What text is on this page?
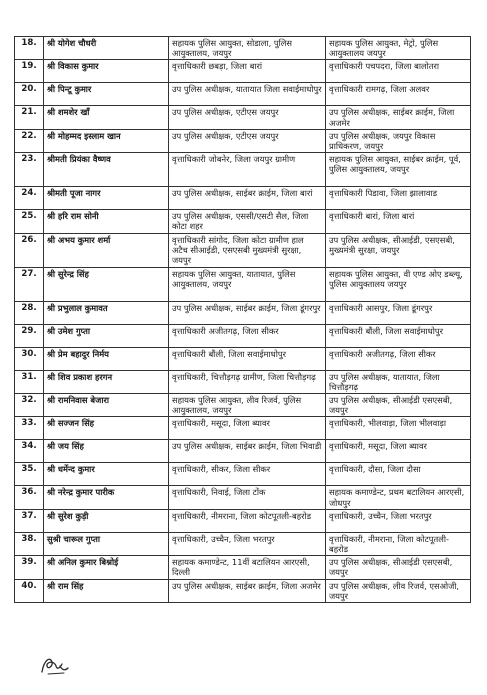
18.	श्री योगेश चौधरी	सहायक पुलिस आयुक्त, सोडाला, पुलिस आयुक्तालय, जयपुर	सहायक पुलिस आयुक्त, मेट्रो, पुलिस आयुक्तालय जयपुर
19.	श्री विकास कुमार	वृत्ताधिकारी छबड़ा, जिला बारां	वृत्ताधिकारी पचपदरा, जिला बालोतरा
20.	श्री पिन्टू कुमार	उप पुलिस अधीक्षक, यातायात जिला सवाईमाधोपुर	वृत्ताधिकारी रामगढ़, जिला अलवर
21.	श्री शमशेर खाँ	उप पुलिस अधीक्षक, एटीएस जयपुर	उप पुलिस अधीक्षक, साईबर क्राईम, जिला अजमेर
22.	श्री मोहम्मद इस्लाम खान	उप पुलिस अधीक्षक, एटीएस जयपुर	उप पुलिस अधीक्षक, जयपुर विकास प्राधिकरण, जयपुर
23.	श्रीमती प्रियंका वैष्णव	वृत्ताधिकारी जोबनेर, जिला जयपुर ग्रामीण	सहायक पुलिस आयुक्त, साईबर क्राईम, पूर्व, पुलिस आयुक्तालय, जयपुर
24.	श्रीमती पूजा नागर	उप पुलिस अधीक्षक, साईबर क्राईम, जिला बारां	वृत्ताधिकारी पिडावा, जिला झालावाड
25.	श्री हरि राम सोनी	उप पुलिस अधीक्षक, एससी/एसटी सैल, जिला कोटा शहर	वृत्ताधिकारी बारां, जिला बारां
26.	श्री अभय कुमार शर्मा	वृत्ताधिकारी सांगोद, जिला कोटा ग्रामीण हाल अटैच सीआईडी, एसएसबी मुख्यमंत्री सुरक्षा, जयपुर	उप पुलिस अधीक्षक, सीआईडी, एसएसबी, मुख्यमंत्री सुरक्षा, जयपुर
27.	श्री सुरेन्द्र सिंह	सहायक पुलिस आयुक्त, यातायात, पुलिस आयुक्तालय, जयपुर	सहायक पुलिस आयुक्त, वी एण्ड ओए डब्ल्यू, पुलिस आयुक्तालय जयपुर
28.	श्री प्रभुलाल कुमावत	उप पुलिस अधीक्षक, साईबर क्राईम, जिला डूंगरपुर	वृत्ताधिकारी आसपुर, जिला डूंगरपुर
29.	श्री उमेश गुप्ता	वृत्ताधिकारी अजीतगढ़, जिला सीकर	वृत्ताधिकारी बौंली, जिला सवाईमाधोपुर
30.	श्री प्रेम बहादुर निर्मय	वृत्ताधिकारी बौंली, जिला सवाईमाधोपुर	वृत्ताधिकारी अजीतगढ़, जिला सीकर
31.	श्री शिव प्रकाश हरगन	वृत्ताधिकारी, चित्तौड़गढ़ ग्रामीण, जिला चित्तौड़गढ़	उप पुलिस अधीक्षक, यातायात, जिला चित्तौड़गढ़
32.	श्री रामनिवास बेजारा	सहायक पुलिस आयुक्त, लीव रिजर्व, पुलिस आयुक्तालय, जयपुर	उप पुलिस अधीक्षक, सीआईडी एसएसबी, जयपुर
33.	श्री सज्जन सिंह	वृत्ताधिकारी, मसूदा, जिला ब्यावर	वृत्ताधिकारी, भीलवाड़ा, जिला भीलवाड़ा
34.	श्री जय सिंह	उप पुलिस अधीक्षक, साईबर क्राईम, जिला भिवाडी	वृत्ताधिकारी, मसूदा, जिला ब्यावर
35.	श्री धर्मेन्द कुमार	वृत्ताधिकारी, सीकर, जिला सीकर	वृत्ताधिकारी, दौसा, जिला दौसा
36.	श्री नरेन्द्र कुमार पारीक	वृत्ताधिकारी, निवाई, जिला टोंक	सहायक कमाण्डेन्ट, प्रथम बटालियन आरएसी, जोधपुर
37.	श्री सुरेश कुड़ी	वृत्ताधिकारी, नीमराना, जिला कोटपूतली-बहरोड	वृत्ताधिकारी, उच्चैन, जिला भरतपुर
38.	सुश्री चारूल गुप्ता	वृत्ताधिकारी, उच्चैन, जिला भरतपुर	वृत्ताधिकारी, नीमराना, जिला कोटपूतली-बहरोड
39.	श्री अनिल कुमार बिश्नोई	सहायक कमाण्डेन्ट, 11वीं बटालियन आरएसी, दिल्ली	उप पुलिस अधीक्षक, सीआईडी एसएसबी, जयपुर
40.	श्री राम सिंह	उप पुलिस अधीक्षक, साईबर क्राईम, जिला अजमेर	उप पुलिस अधीक्षक, लीव रिजर्व, एसओजी, जयपुर
